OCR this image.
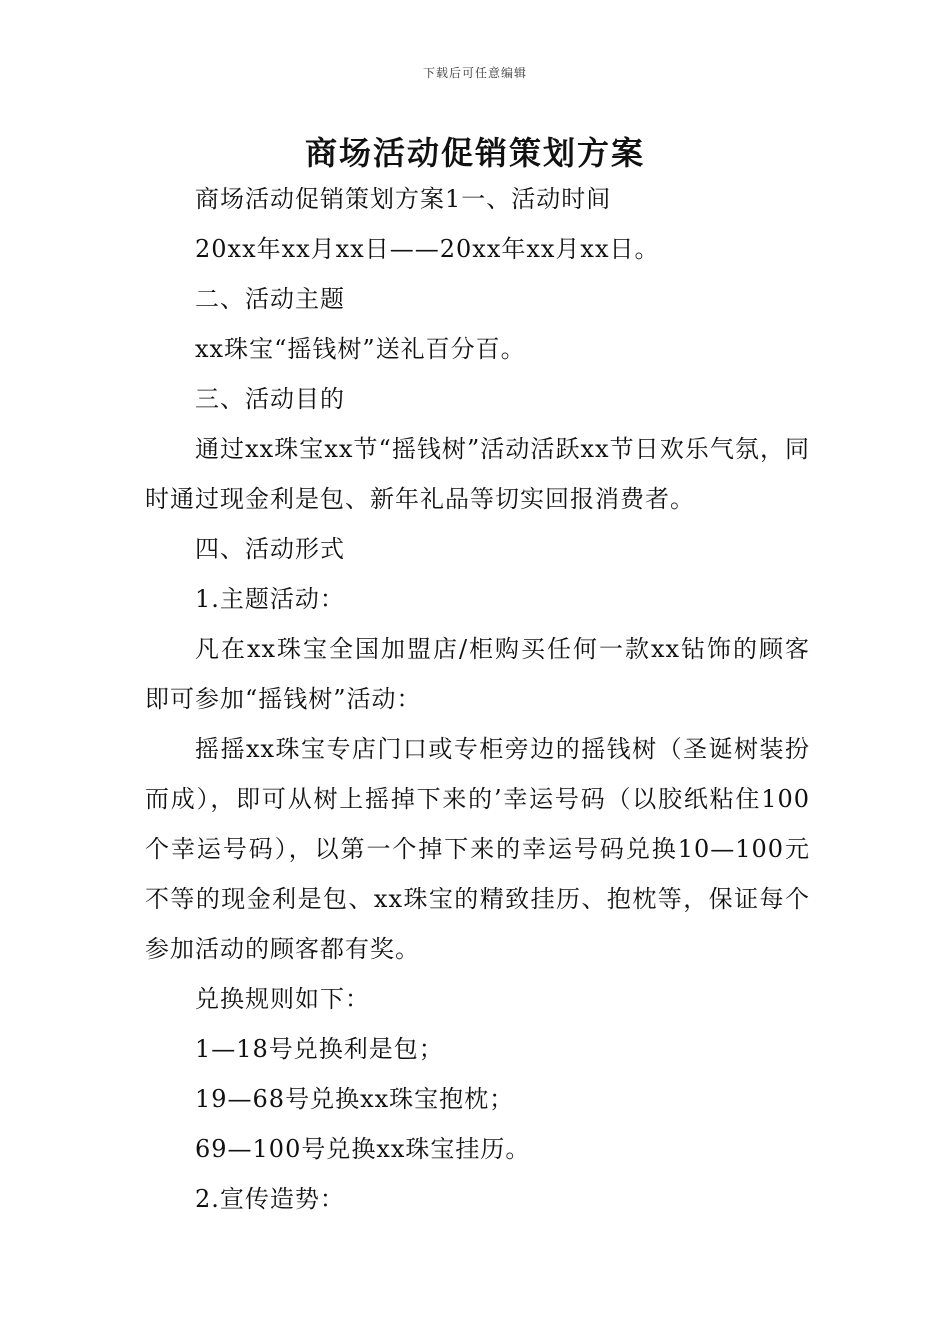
下载后可任意编辑
商场活动促销策划方案

商场活动促销策划方案1一、活动时间

20xx年xx月xx日——20xx年xx月xx日。

二、活动主题

xx珠宝“摇钱树”送礼百分百。

三、活动目的

通过xx珠宝xx节“摇钱树”活动活跃xx节日欢乐气氛，同时通过现金利是包、新年礼品等切实回报消费者。

四、活动形式

1.主题活动：

凡在xx珠宝全国加盟店/柜购买任何一款xx钻饰的顾客即可参加“摇钱树”活动：

摇摇xx珠宝专店门口或专柜旁边的摇钱树（圣诞树装扮而成），即可从树上摇掉下来的’幸运号码（以胶纸粘住100个幸运号码），以第一个掉下来的幸运号码兑换10—100元不等的现金利是包、xx珠宝的精致挂历、抱枕等，保证每个参加活动的顾客都有奖。

兑换规则如下：

1—18号兑换利是包；

19—68号兑换xx珠宝抱枕；

69—100号兑换xx珠宝挂历。

2.宣传造势：
